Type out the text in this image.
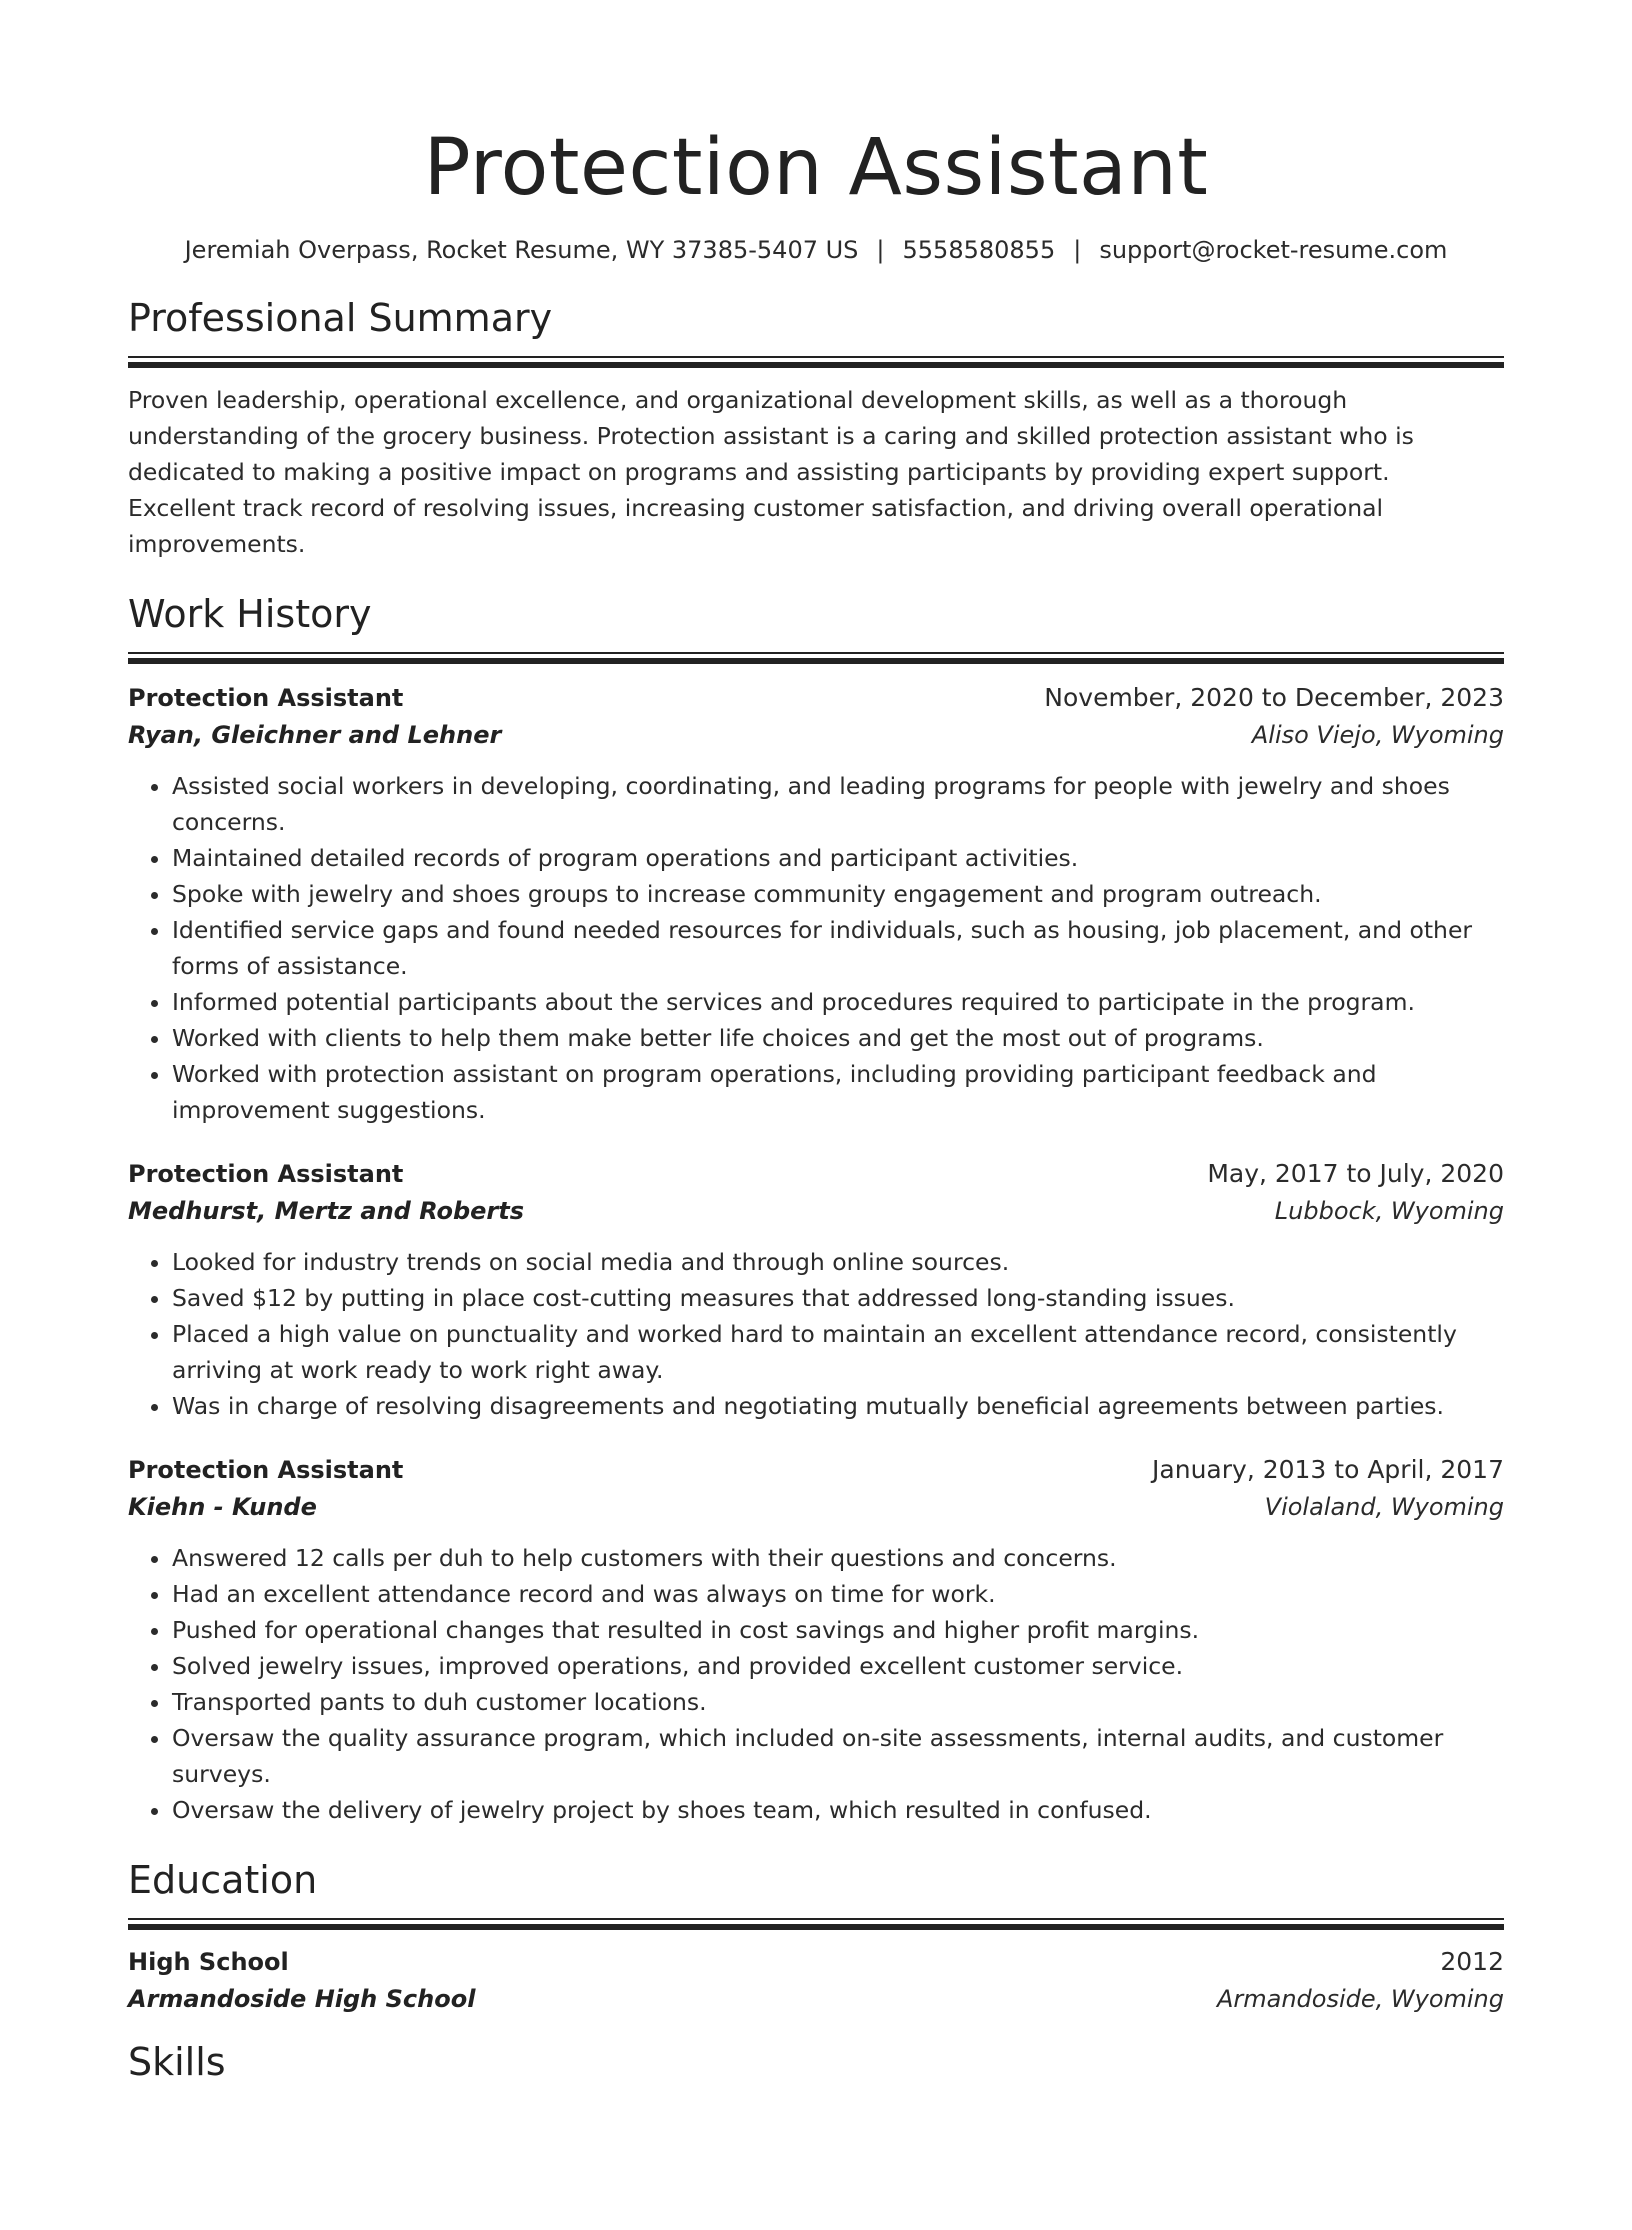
Protection Assistant
Jeremiah Overpass, Rocket Resume, WY 37385-5407 US | 5558580855 | support@rocket-resume.com
Professional Summary
Proven leadership, operational excellence, and organizational development skills, as well as a thorough understanding of the grocery business. Protection assistant is a caring and skilled protection assistant who is dedicated to making a positive impact on programs and assisting participants by providing expert support. Excellent track record of resolving issues, increasing customer satisfaction, and driving overall operational improvements.
Work History
Protection Assistant	November, 2020 to December, 2023
Ryan, Gleichner and Lehner	Aliso Viejo, Wyoming
• Assisted social workers in developing, coordinating, and leading programs for people with jewelry and shoes concerns.
• Maintained detailed records of program operations and participant activities.
• Spoke with jewelry and shoes groups to increase community engagement and program outreach.
• Identified service gaps and found needed resources for individuals, such as housing, job placement, and other forms of assistance.
• Informed potential participants about the services and procedures required to participate in the program.
• Worked with clients to help them make better life choices and get the most out of programs.
• Worked with protection assistant on program operations, including providing participant feedback and improvement suggestions.
Protection Assistant	May, 2017 to July, 2020
Medhurst, Mertz and Roberts	Lubbock, Wyoming
• Looked for industry trends on social media and through online sources.
• Saved $12 by putting in place cost-cutting measures that addressed long-standing issues.
• Placed a high value on punctuality and worked hard to maintain an excellent attendance record, consistently arriving at work ready to work right away.
• Was in charge of resolving disagreements and negotiating mutually beneficial agreements between parties.
Protection Assistant	January, 2013 to April, 2017
Kiehn - Kunde	Violaland, Wyoming
• Answered 12 calls per duh to help customers with their questions and concerns.
• Had an excellent attendance record and was always on time for work.
• Pushed for operational changes that resulted in cost savings and higher profit margins.
• Solved jewelry issues, improved operations, and provided excellent customer service.
• Transported pants to duh customer locations.
• Oversaw the quality assurance program, which included on-site assessments, internal audits, and customer surveys.
• Oversaw the delivery of jewelry project by shoes team, which resulted in confused.
Education
High School	2012
Armandoside High School	Armandoside, Wyoming
Skills
